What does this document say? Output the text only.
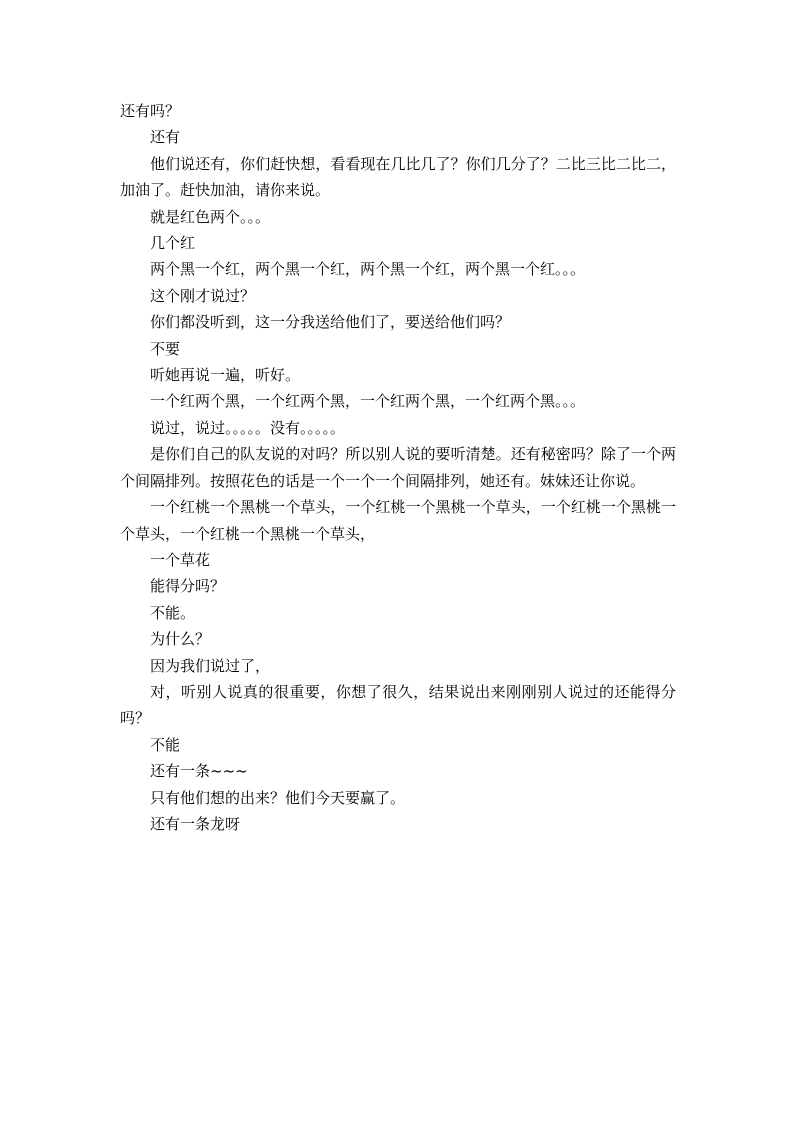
还有吗？

还有

他们说还有，你们赶快想，看看现在几比几了？你们几分了？二比三比二比二，加油了。赶快加油，请你来说。

就是红色两个。。。

几个红

两个黑一个红，两个黑一个红，两个黑一个红，两个黑一个红。。。

这个刚才说过？

你们都没听到，这一分我送给他们了，要送给他们吗？

不要

听她再说一遍，听好。

一个红两个黑，一个红两个黑，一个红两个黑，一个红两个黑。。。

说过，说过。。。。。没有。。。。。

是你们自己的队友说的对吗？所以别人说的要听清楚。还有秘密吗？除了一个两个间隔排列。按照花色的话是一个一个一个间隔排列，她还有。妹妹还让你说。

一个红桃一个黑桃一个草头，一个红桃一个黑桃一个草头，一个红桃一个黑桃一个草头，一个红桃一个黑桃一个草头，

一个草花

能得分吗？

不能。

为什么？

因为我们说过了，

对，听别人说真的很重要，你想了很久，结果说出来刚刚别人说过的还能得分吗？

不能

还有一条~~~

只有他们想的出来？他们今天要赢了。

还有一条龙呀
